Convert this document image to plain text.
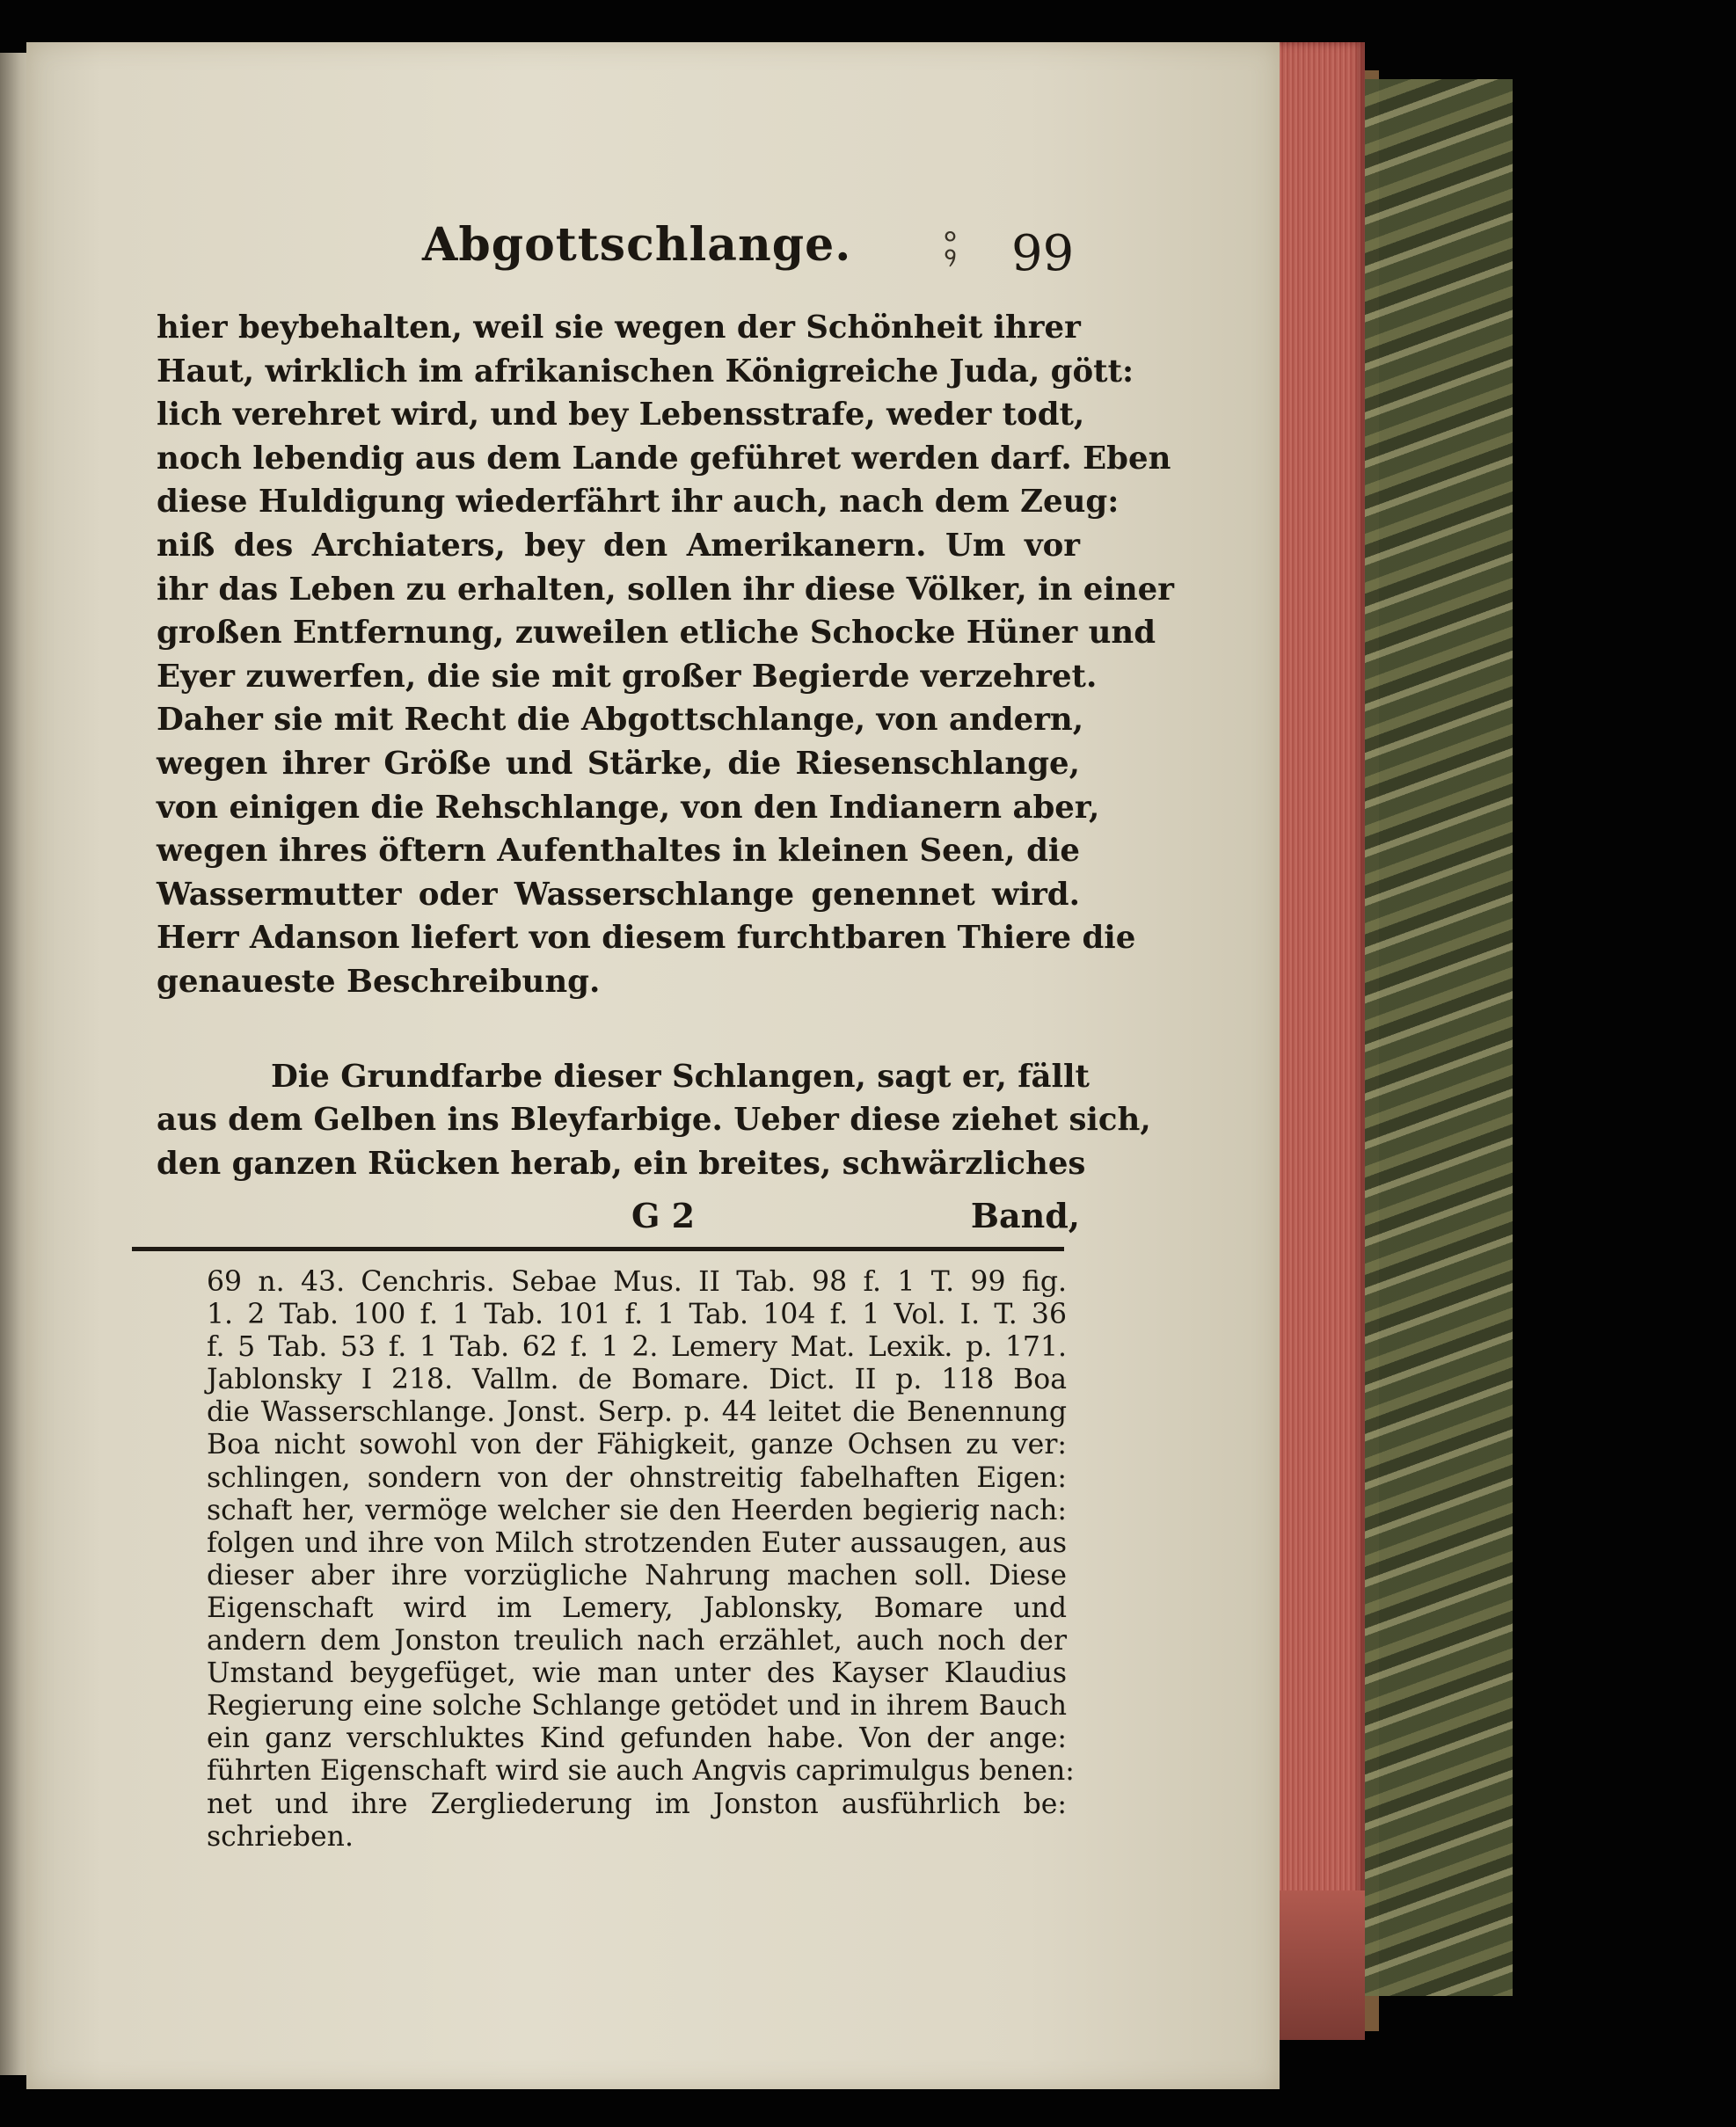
Abgottschlange. ⨟ 99
hier beybehalten, weil sie wegen der Schönheit ihrer
Haut, wirklich im afrikanischen Königreiche Juda, gött:
lich verehret wird, und bey Lebensstrafe, weder todt,
noch lebendig aus dem Lande geführet werden darf. Eben
diese Huldigung wiederfährt ihr auch, nach dem Zeug:
niß des Archiaters, bey den Amerikanern. Um vor
ihr das Leben zu erhalten, sollen ihr diese Völker, in einer
großen Entfernung, zuweilen etliche Schocke Hüner und
Eyer zuwerfen, die sie mit großer Begierde verzehret.
Daher sie mit Recht die Abgottschlange, von andern,
wegen ihrer Größe und Stärke, die Riesenschlange,
von einigen die Rehschlange, von den Indianern aber,
wegen ihres öftern Aufenthaltes in kleinen Seen, die
Wassermutter oder Wasserschlange genennet wird.
Herr Adanson liefert von diesem furchtbaren Thiere die
genaueste Beschreibung.
Die Grundfarbe dieser Schlangen, sagt er, fällt
aus dem Gelben ins Bleyfarbige. Ueber diese ziehet sich,
den ganzen Rücken herab, ein breites, schwärzliches
G 2	Band,
69 n. 43. Cenchris. Sebae Mus. II Tab. 98 f. 1 T. 99 fig.
1. 2 Tab. 100 f. 1 Tab. 101 f. 1 Tab. 104 f. 1 Vol. I. T. 36
f. 5 Tab. 53 f. 1 Tab. 62 f. 1 2. Lemery Mat. Lexik. p. 171.
Jablonsky I 218. Vallm. de Bomare. Dict. II p. 118 Boa
die Wasserschlange. Jonst. Serp. p. 44 leitet die Benennung
Boa nicht sowohl von der Fähigkeit, ganze Ochsen zu ver:
schlingen, sondern von der ohnstreitig fabelhaften Eigen:
schaft her, vermöge welcher sie den Heerden begierig nach:
folgen und ihre von Milch strotzenden Euter aussaugen, aus
dieser aber ihre vorzügliche Nahrung machen soll. Diese
Eigenschaft wird im Lemery, Jablonsky, Bomare und
andern dem Jonston treulich nach erzählet, auch noch der
Umstand beygefüget, wie man unter des Kayser Klaudius
Regierung eine solche Schlange getödet und in ihrem Bauch
ein ganz verschluktes Kind gefunden habe. Von der ange:
führten Eigenschaft wird sie auch Angvis caprimulgus benen:
net und ihre Zergliederung im Jonston ausführlich be:
schrieben.
